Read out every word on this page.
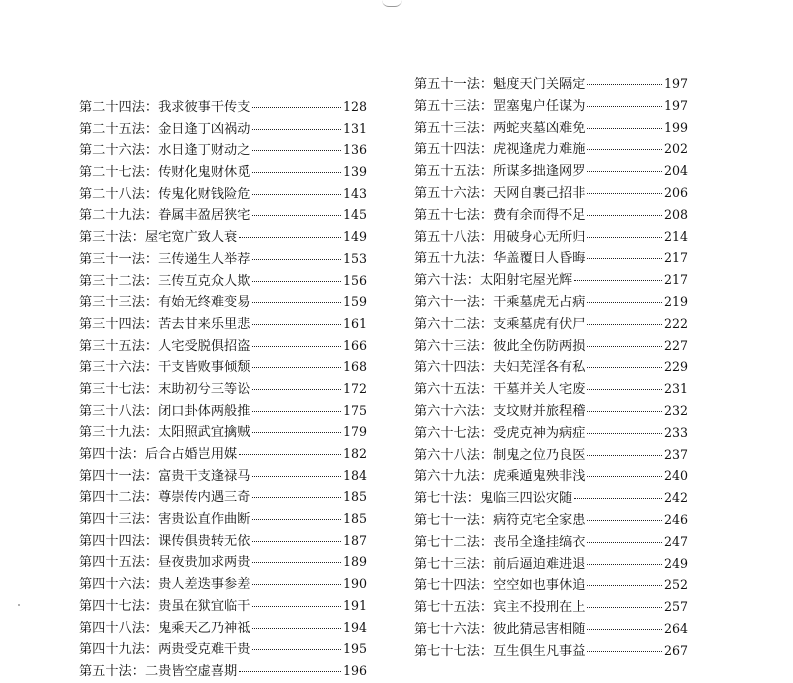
第二十四法： 我求彼事干传支	128
第二十五法： 金日逢丁凶祸动	131
第二十六法： 水日逢丁财动之	136
第二十七法： 传财化鬼财休觅	139
第二十八法： 传鬼化财钱险危	143
第二十九法： 眷属丰盈居狭宅	145
第三十法： 屋宅宽广致人衰	149
第三十一法： 三传递生人举荐	153
第三十二法： 三传互克众人欺	156
第三十三法： 有始无终难变易	159
第三十四法： 苦去甘来乐里悲	161
第三十五法： 人宅受脱俱招盗	166
第三十六法： 干支皆败事倾颓	168
第三十七法： 末助初兮三等讼	172
第三十八法： 闭口卦体两般推	175
第三十九法： 太阳照武宜擒贼	179
第四十法： 后合占婚岂用媒	182
第四十一法： 富贵干支逢禄马	184
第四十二法： 尊崇传内遇三奇	185
第四十三法： 害贵讼直作曲断	185
第四十四法： 课传俱贵转无依	187
第四十五法： 昼夜贵加求两贵	189
第四十六法： 贵人差迭事参差	190
第四十七法： 贵虽在狱宜临干	191
第四十八法： 鬼乘天乙乃神祗	194
第四十九法： 两贵受克难干贵	195
第五十法： 二贵皆空虚喜期	196
第五十一法： 魁度天门关隔定	197
第五十三法： 罡塞鬼户任谋为	197
第五十三法： 两蛇夹墓凶难免	199
第五十四法： 虎视逢虎力难施	202
第五十五法： 所谋多拙逢网罗	204
第五十六法： 天网自裹己招非	206
第五十七法： 费有余而得不足	208
第五十八法： 用破身心无所归	214
第五十九法： 华盖覆日人昏晦	217
第六十法： 太阳射宅屋光辉	217
第六十一法： 干乘墓虎无占病	219
第六十二法： 支乘墓虎有伏尸	222
第六十三法： 彼此全伤防两损	227
第六十四法： 夫妇芜淫各有私	229
第六十五法： 干墓并关人宅废	231
第六十六法： 支坟财并旅程稽	232
第六十七法： 受虎克神为病症	233
第六十八法： 制鬼之位乃良医	237
第六十九法： 虎乘遁鬼殃非浅	240
第七十法： 鬼临三四讼灾随	242
第七十一法： 病符克宅全家患	246
第七十二法： 丧吊全逢挂缟衣	247
第七十三法： 前后逼迫难进退	249
第七十四法： 空空如也事休追	252
第七十五法： 宾主不投刑在上	257
第七十六法： 彼此猜忌害相随	264
第七十七法： 互生俱生凡事益	267
